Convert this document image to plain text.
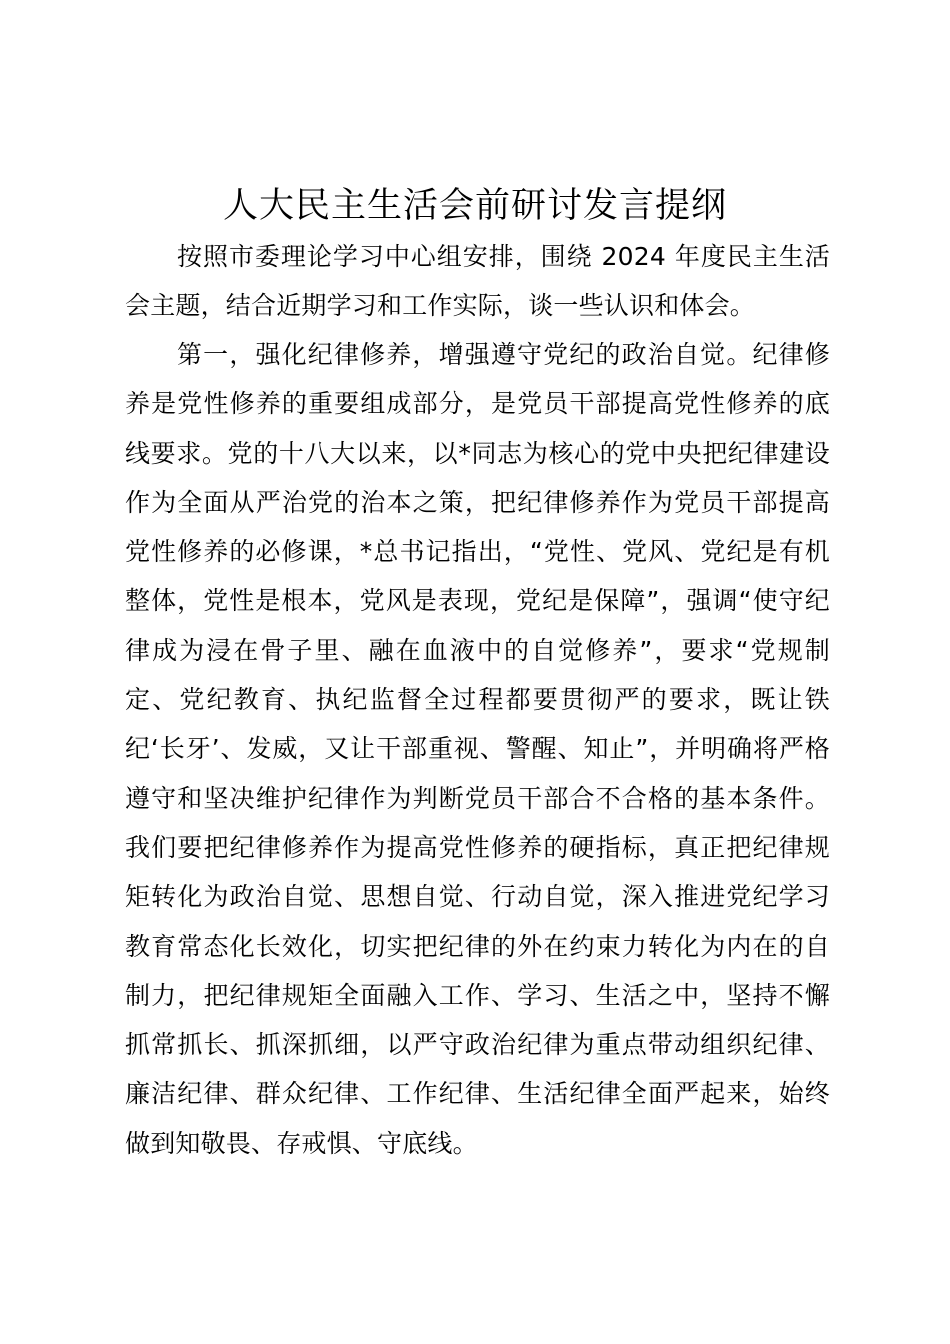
人大民主生活会前研讨发言提纲

按照市委理论学习中心组安排，围绕 2024 年度民主生活会主题，结合近期学习和工作实际，谈一些认识和体会。

第一，强化纪律修养，增强遵守党纪的政治自觉。纪律修养是党性修养的重要组成部分，是党员干部提高党性修养的底线要求。党的十八大以来，以*同志为核心的党中央把纪律建设作为全面从严治党的治本之策，把纪律修养作为党员干部提高党性修养的必修课，*总书记指出，“党性、党风、党纪是有机整体，党性是根本，党风是表现，党纪是保障”，强调“使守纪律成为浸在骨子里、融在血液中的自觉修养”，要求“党规制定、党纪教育、执纪监督全过程都要贯彻严的要求，既让铁纪‘长牙’、发威，又让干部重视、警醒、知止”，并明确将严格遵守和坚决维护纪律作为判断党员干部合不合格的基本条件。我们要把纪律修养作为提高党性修养的硬指标，真正把纪律规矩转化为政治自觉、思想自觉、行动自觉，深入推进党纪学习教育常态化长效化，切实把纪律的外在约束力转化为内在的自制力，把纪律规矩全面融入工作、学习、生活之中，坚持不懈抓常抓长、抓深抓细，以严守政治纪律为重点带动组织纪律、廉洁纪律、群众纪律、工作纪律、生活纪律全面严起来，始终做到知敬畏、存戒惧、守底线。
